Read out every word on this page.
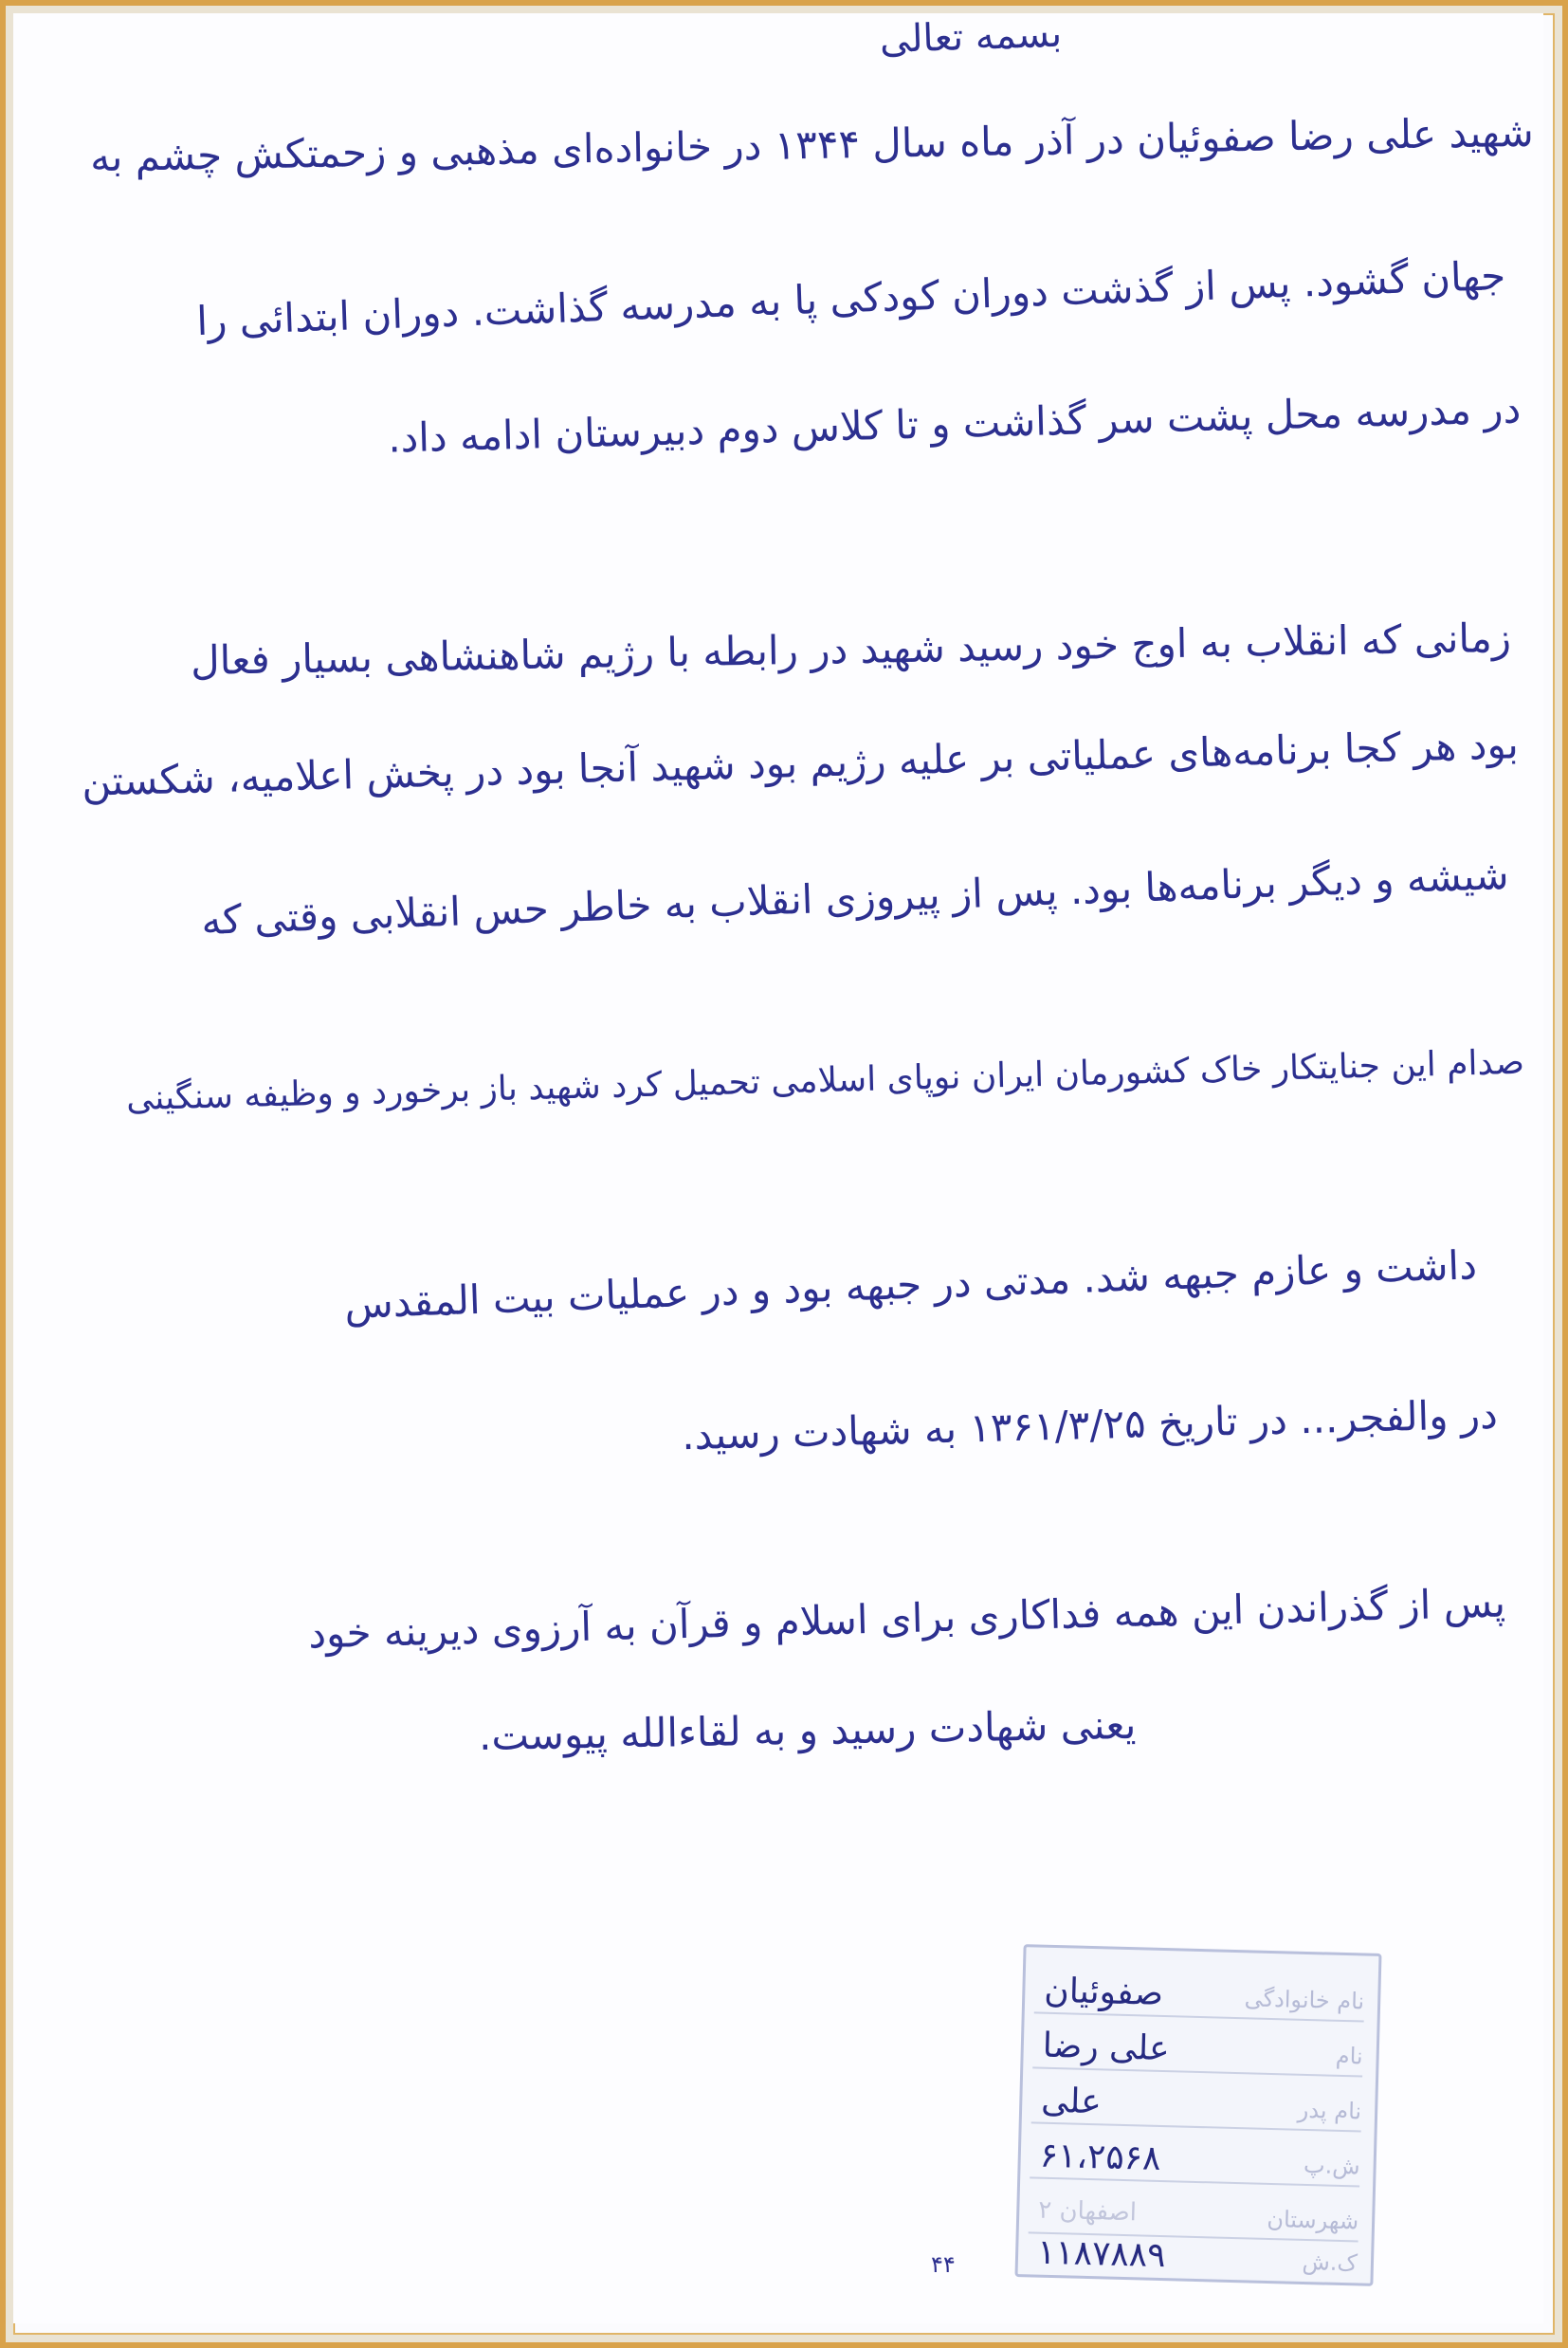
بسمه تعالی
شهید علی رضا صفوئیان در آذر ماه سال ۱۳۴۴ در خانواده‌ای مذهبی و زحمتکش چشم به
جهان گشود. پس از گذشت دوران کودکی پا به مدرسه گذاشت. دوران ابتدائی را
در مدرسه محل پشت سر گذاشت و تا کلاس دوم دبیرستان ادامه داد.
زمانی که انقلاب به اوج خود رسید شهید در رابطه با رژیم شاهنشاهی بسیار فعال
بود هر کجا برنامه‌های عملیاتی بر علیه رژیم بود شهید آنجا بود در پخش اعلامیه، شکستن
شیشه و دیگر برنامه‌ها بود. پس از پیروزی انقلاب به خاطر حس انقلابی وقتی که
صدام این جنایتکار خاک کشورمان ایران نوپای اسلامی تحمیل کرد شهید باز برخورد و وظیفه سنگینی
داشت و عازم جبهه شد. مدتی در جبهه بود و در عملیات بیت المقدس
در والفجر... در تاریخ ۱۳۶۱/۳/۲۵ به شهادت رسید.
پس از گذراندن این همه فداکاری برای اسلام و قرآن به آرزوی دیرینه خود
یعنی شهادت رسید و به لقاءالله پیوست.
۴۴
نام خانوادگی
صفوئیان
نام
علی رضا
نام پدر
علی
ش.پ
۶۱،۲۵۶۸
شهرستان
اصفهان ۲
ک.ش
۱۱۸۷۸۸۹
